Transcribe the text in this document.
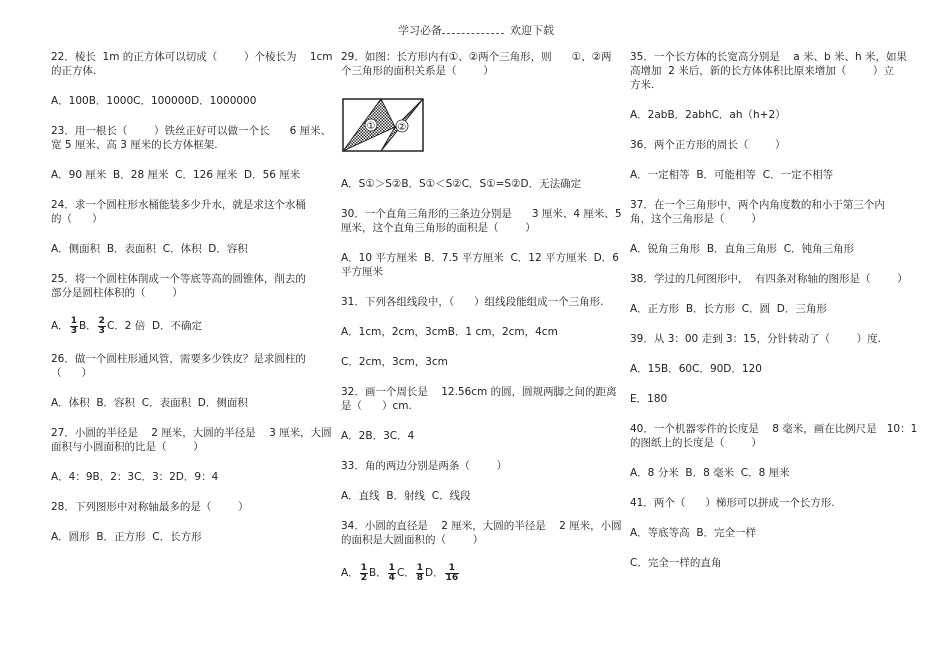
学习必备	欢迎下载
22．棱长  1m 的正方体可以切成（        ）个棱长为    1cm
的正方体.
A．100B．1000C．100000D．1000000
23．用一根长（        ）铁丝正好可以做一个长      6 厘米、
宽 5 厘米、高 3 厘米的长方体框架.
A．90 厘米  B．28 厘米  C．126 厘米  D．56 厘米
24．求一个圆柱形水桶能装多少升水，就是求这个水桶
的（      ）
A．侧面积  B．表面积  C．体积  D．容积
25．将一个圆柱体削成一个等底等高的圆锥体，削去的
部分是圆柱体积的（        ）
A． $\frac{1}{3}$ B． $\frac{2}{3}$ C．2 倍  D．不确定
26．做一个圆柱形通风管，需要多少铁皮？是求圆柱的
（      ）
A．体积  B．容积  C．表面积  D．侧面积
27．小圆的半径是    2 厘米，大圆的半径是    3 厘米，大圆
面积与小圆面积的比是（        ）
A．4：9B．2：3C．3：2D．9：4
28．下列图形中对称轴最多的是（        ）
A．圆形  B．正方形  C．长方形
29．如图：长方形内有①、②两个三角形，则      ①、②两
个三角形的面积关系是（        ）
① ②
A．S①＞S②B．S①＜S②C．S①=S②D．无法确定
30．一个直角三角形的三条边分别是      3 厘米、4 厘米、5
厘米，这个直角三角形的面积是（        ）
A．10 平方厘米  B．7.5 平方厘米  C．12 平方厘米  D．6
平方厘米
31．下列各组线段中，（      ）组线段能组成一个三角形.
A．1cm，2cm，3cmB．1 cm，2cm，4cm
C．2cm，3cm，3cm
32．画一个周长是    12.56cm 的圆，圆规两脚之间的距离
是（      ）cm.
A．2B．3C．4
33．角的两边分别是两条（        ）
A．直线  B．射线  C．线段
34．小圆的直径是    2 厘米，大圆的半径是    2 厘米，小圆
的面积是大圆面积的（        ）
A． $\frac{1}{2}$ B． $\frac{1}{4}$ C． $\frac{1}{8}$ D． $\frac{1}{16}$
35．一个长方体的长宽高分别是    a 米、b 米、h 米，如果
高增加  2 米后，新的长方体体积比原来增加（        ）立
方米.
A．2abB．2abhC．ah（h+2）
36．两个正方形的周长（        ）
A．一定相等  B．可能相等  C．一定不相等
37．在一个三角形中，两个内角度数的和小于第三个内
角，这个三角形是（        ）
A．锐角三角形  B．直角三角形  C．钝角三角形
38．学过的几何图形中，  有四条对称轴的图形是（        ）
A．正方形  B．长方形  C．圆  D．三角形
39．从 3：00 走到 3：15，分针转动了（        ）度.
A．15B．60C．90D．120
E．180
40．一个机器零件的长度是    8 毫米，画在比例尺是   10：1
的图纸上的长度是（        ）
A．8 分米  B．8 毫米  C．8 厘米
41．两个（      ）梯形可以拼成一个长方形.
A．等底等高  B．完全一样
C．完全一样的直角
